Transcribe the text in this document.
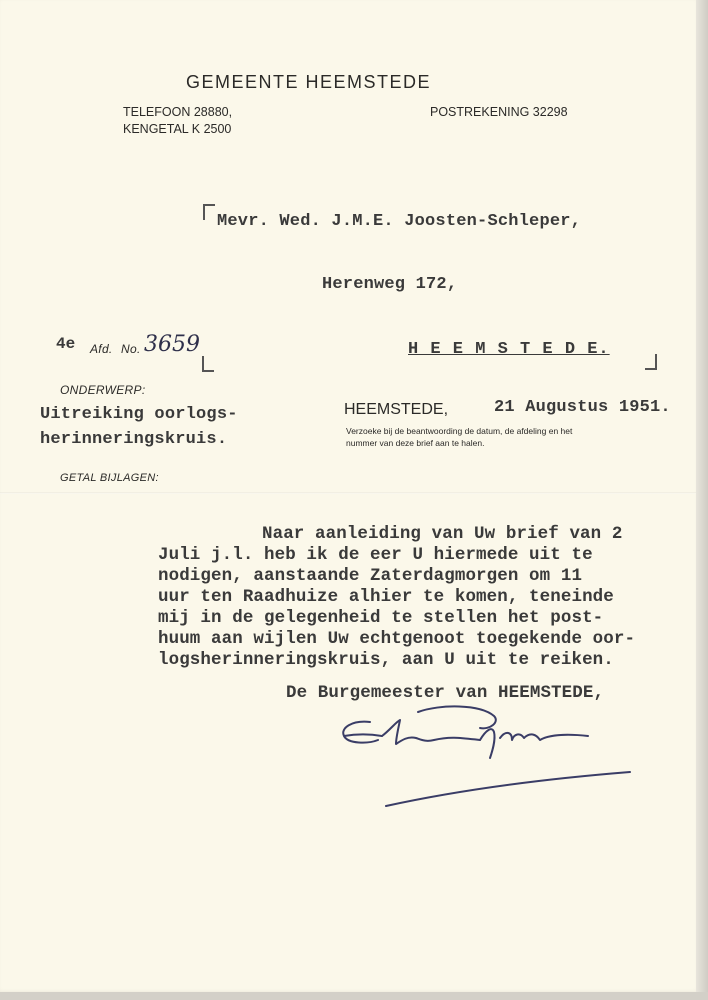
GEMEENTE HEEMSTEDE
TELEFOON 28880,
KENGETAL K 2500
POSTREKENING 32298
Mevr. Wed. J.M.E. Joosten-Schleper,
Herenweg 172,
H E E M S T E D E.
4e Afd. No. 3659
ONDERWERP:
Uitreiking oorlogs-
herinneringskruis.
GETAL BIJLAGEN:
HEEMSTEDE,	21 Augustus 1951.
Verzoeke bij de beantwoording de datum, de afdeling en het
nummer van deze brief aan te halen.
Naar aanleiding van Uw brief van 2
Juli j.l. heb ik de eer U hiermede uit te
nodigen, aanstaande Zaterdagmorgen om 11
uur ten Raadhuize alhier te komen, teneinde
mij in de gelegenheid te stellen het post-
huum aan wijlen Uw echtgenoot toegekende oor-
logsherinneringskruis, aan U uit te reiken.
De Burgemeester van HEEMSTEDE,
